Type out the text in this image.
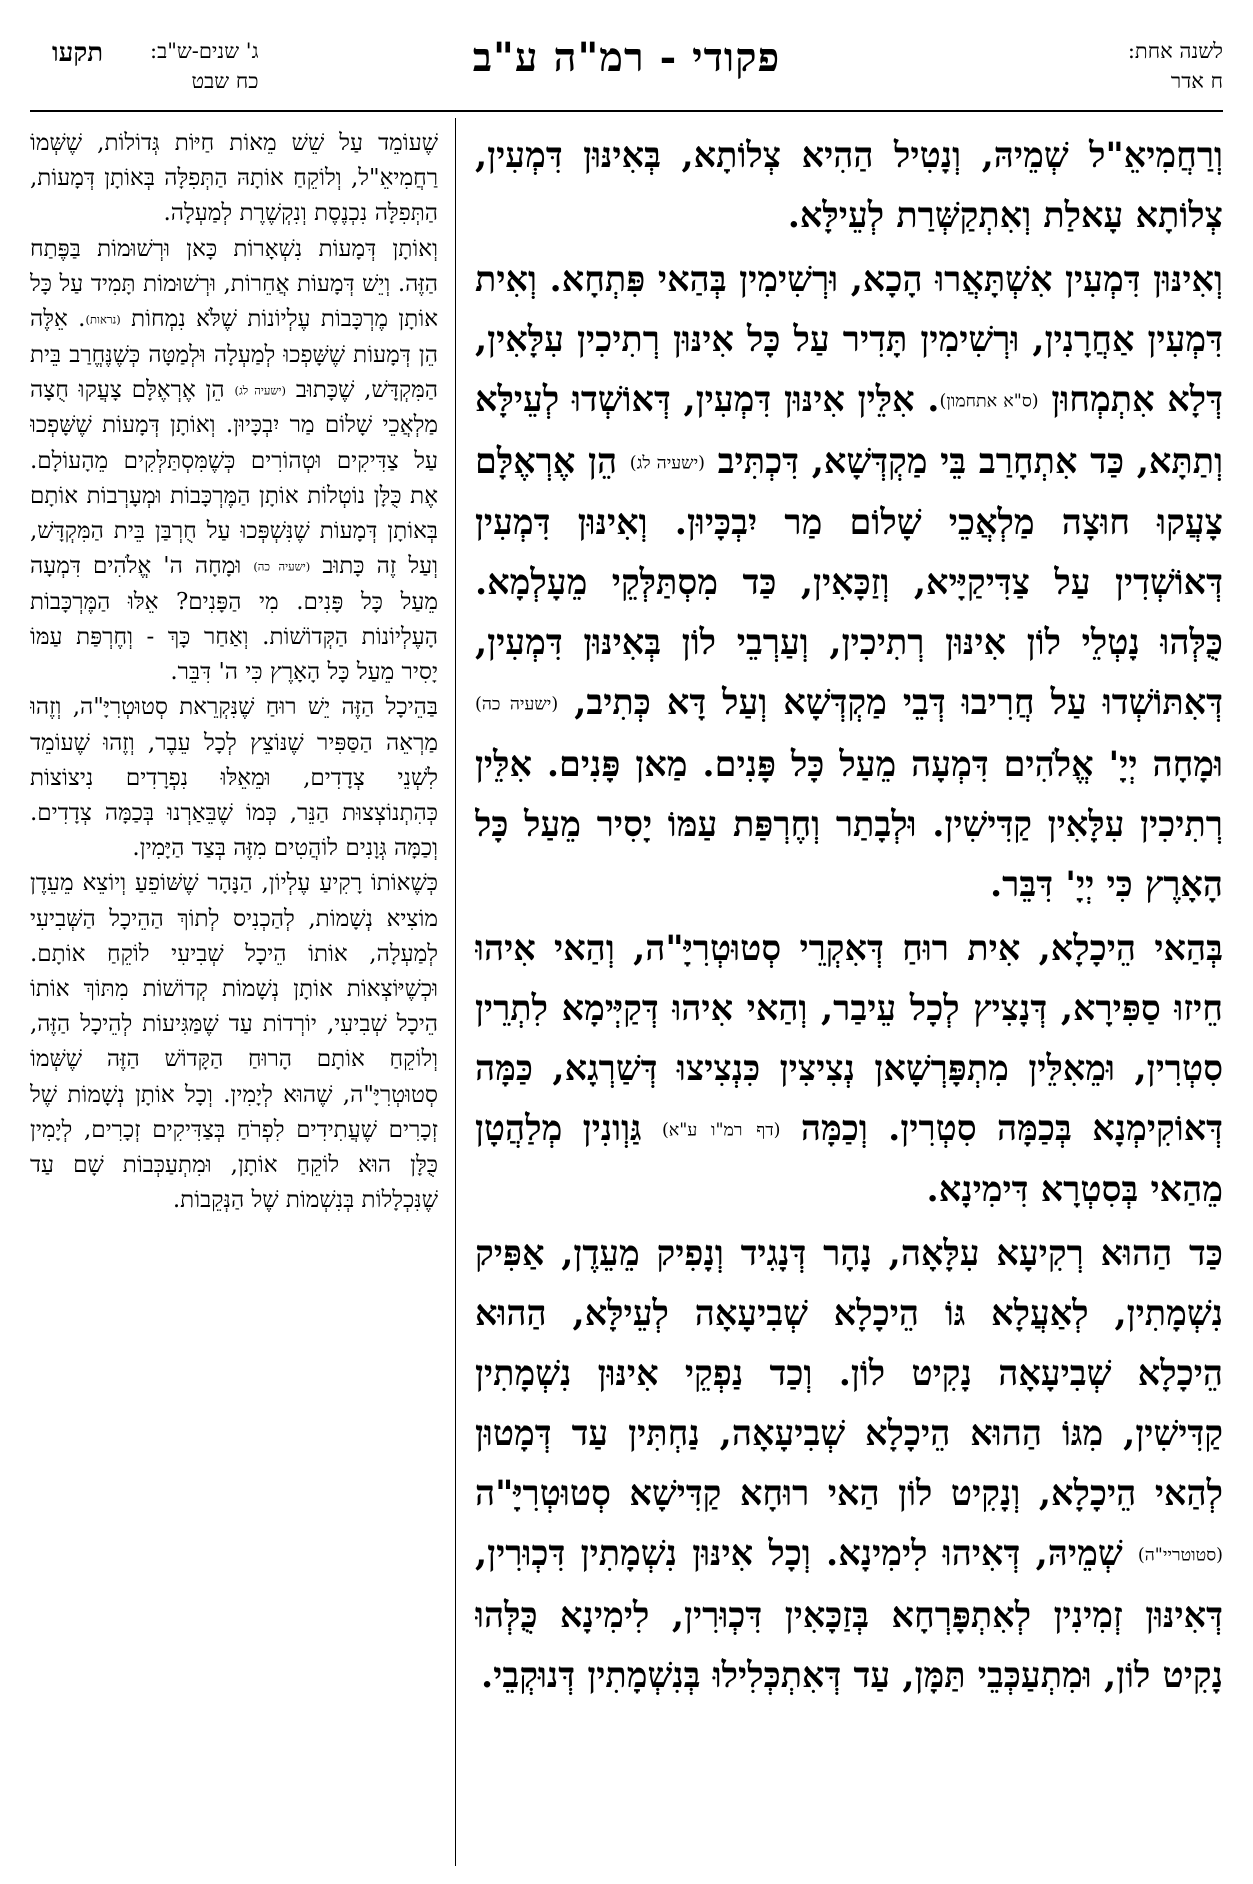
לשנה אחת:
ח אדר
פקודי - רמ"ה ע"ב
ג' שנים-ש"ב:
כח שבט
תקעו

וְרַחֲמִיאֵ"ל שְׁמֵיהּ, וְנָטִיל הַהִיא צְלוֹתָא, בְּאִינּוּן דִּמְעִין, צְלוֹתָא עָאלַת וְאִתְקַשְּׁרַת לְעֵילָּא.

וְאִינּוּן דִּמְעִין אִשְׁתָּאֲרוּ הָכָא, וּרְשִׁימִין בְּהַאי פִּתְחָא. וְאִית דִּמְעִין אַחֲרָנִין, וּרְשִׁימִין תָּדִיר עַל כָּל אִינּוּן רְתִיכִין עִלָּאִין, דְּלָא אִתְמְחוּן (ס"א אתחמון). אִלֵּין אִינּוּן דִּמְעִין, דְּאוֹשְׁדוּ לְעֵילָּא וְתַתָּא, כַּד אִתְחָרַב בֵּי מַקְדְּשָׁא, דִּכְתִּיב (ישעיה לג) הֵן אֶרְאֶלָּם צָעֲקוּ חוּצָה מַלְאֲכֵי שָׁלוֹם מַר יִבְכָּיוּן. וְאִינּוּן דִּמְעִין דְּאוֹשְׁדִין עַל צַדִּיקַיָּיא, וְזַכָּאִין, כַּד מִסְתַּלְּקֵי מֵעָלְמָא. כֻּלְּהוּ נָטְלֵי לוֹן אִינּוּן רְתִיכִין, וְעַרְבֵי לוֹן בְּאִינּוּן דִּמְעִין, דְּאִתּוֹשְׁדוּ עַל חֲרִיבוּ דְּבֵי מַקְדְּשָׁא וְעַל דָּא כְּתִיב, (ישעיה כה) וּמָחָה יְיָ' אֱלֹהִים דִּמְעָה מֵעַל כָּל פָּנִים. מַאן פָּנִים. אִלֵּין רְתִיכִין עִלָּאִין קַדִּישִׁין. וּלְבָתַר וְחֶרְפַּת עַמּוֹ יָסִיר מֵעַל כָּל הָאָרֶץ כִּי יְיָ' דִּבֵּר.

בְּהַאי הֵיכָלָא, אִית רוּחַ דְּאִקְרֵי סְטוּטְרִיָּ"ה, וְהַאי אִיהוּ חֵיזוּ סַפִּירָא, דְּנָצִיץ לְכָל עֵיבַר, וְהַאי אִיהוּ דְּקַיְּימָא לִתְרֵין סִטְרִין, וּמֵאִלֵּין מִתְפָּרְשָׁאן נְצִיצִין כִּנְצִיצוּ דְּשַׁרְגָא, כַּמָּה דְּאוֹקִימְנָא בְּכַמָּה סִטְרִין. וְכַמָּה (דף רמ"ו ע"א) גַּוְונִין מְלַהֲטָן מֵהַאי בְּסִטְרָא דִּימִינָא.

כַּד הַהוּא רְקִיעָא עִלָּאָה, נָהָר דְּנָגִיד וְנָפִיק מֵעֵדֶן, אַפִּיק נִשְׁמָתִין, לְאַעֲלָא גּוֹ הֵיכָלָא שְׁבִיעָאָה לְעֵילָּא, הַהוּא הֵיכָלָא שְׁבִיעָאָה נָקִיט לוֹן. וְכַד נַפְקֵי אִינּוּן נִשְׁמָתִין קַדִּישִׁין, מִגּוֹ הַהוּא הֵיכָלָא שְׁבִיעָאָה, נַחְתִּין עַד דְּמָטוּן לְהַאי הֵיכָלָא, וְנָקִיט לוֹן הַאי רוּחָא קַדִּישָׁא סְטוּטְרִיָּ"ה (סטוטריי"ה) שְׁמֵיהּ, דְּאִיהוּ לִימִינָא. וְכָל אִינּוּן נִשְׁמָתִין דִּכְוּרִין, דְּאִינּוּן זְמִינִין לְאִתְפָּרְחָא בְּזַכָּאִין דִּכְוּרִין, לִימִינָא כֻּלְּהוּ נָקִיט לוֹן, וּמִתְעַכְּבֵי תַּמָּן, עַד דְּאִתְכְּלִילוּ בְּנִשְׁמָתִין דְּנוּקְבֵי.

שֶׁעוֹמֵד עַל שֵׁשׁ מֵאוֹת חַיּוֹת גְּדוֹלוֹת, שֶׁשְּׁמוֹ רַחֲמִיאֵ"ל, וְלוֹקֵחַ אוֹתָהּ הַתְּפִלָּה בְּאוֹתָן דְּמָעוֹת, הַתְּפִלָּה נִכְנֶסֶת וְנִקְשֶׁרֶת לְמַעְלָה.

וְאוֹתָן דְּמָעוֹת נִשְׁאָרוֹת כָּאן וּרְשׁוּמוֹת בַּפֶּתַח הַזֶּה. וְיֵשׁ דְּמָעוֹת אֲחֵרוֹת, וּרְשׁוּמוֹת תָּמִיד עַל כָּל אוֹתָן מֶרְכָּבוֹת עֶלְיוֹנוֹת שֶׁלֹּא נִמְחוֹת (נראות). אֵלֶּה הֵן דְּמָעוֹת שֶׁשָּׁפְכוּ לְמַעְלָה וּלְמַטָּה כְּשֶׁנֶּחֱרַב בֵּית הַמִּקְדָּשׁ, שֶׁכָּתוּב (ישעיה לג) הֵן אֶרְאֶלָּם צָעֲקוּ חֻצָה מַלְאֲכֵי שָׁלוֹם מַר יִבְכָּיוּן. וְאוֹתָן דְּמָעוֹת שֶׁשָּׁפְכוּ עַל צַדִּיקִים וּטְהוֹרִים כְּשֶׁמִּסְתַּלְּקִים מֵהָעוֹלָם. אֶת כֻּלָּן נוֹטְלוֹת אוֹתָן הַמֶּרְכָּבוֹת וּמְעָרְבוֹת אוֹתָם בְּאוֹתָן דְּמָעוֹת שֶׁנִּשְׁפְּכוּ עַל חֻרְבַּן בֵּית הַמִּקְדָּשׁ, וְעַל זֶה כָּתוּב (ישעיה כה) וּמָחָה ה' אֱלֹהִים דִּמְעָה מֵעַל כָּל פָּנִים. מִי הַפָּנִים? אֵלּוּ הַמֶּרְכָּבוֹת הָעֶלְיוֹנוֹת הַקְּדוֹשׁוֹת. וְאַחַר כָּךְ - וְחֶרְפַּת עַמּוֹ יָסִיר מֵעַל כָּל הָאָרֶץ כִּי ה' דִּבֵּר.

בַּהֵיכָל הַזֶּה יֵשׁ רוּחַ שֶׁנִּקְרֵאת סְטוּטְרִיָּ"ה, וְזֶהוּ מַרְאֵה הַסַּפִּיר שֶׁנּוֹצֵץ לְכָל עֵבֶר, וְזֶהוּ שֶׁעוֹמֵד לִשְׁנֵי צְדָדִים, וּמֵאֵלּוּ נִפְרָדִים נִיצוֹצוֹת כְּהִתְנוֹצְצוּת הַנֵּר, כְּמוֹ שֶׁבֵּאַרְנוּ בְּכַמָּה צְדָדִים. וְכַמָּה גְּוָנִים לוֹהֲטִים מִזֶּה בְּצַד הַיָּמִין.

כְּשֶׁאוֹתוֹ רָקִיעַ עֶלְיוֹן, הַנָּהָר שֶׁשּׁוֹפֵעַ וְיוֹצֵא מֵעֵדֶן מוֹצִיא נְשָׁמוֹת, לְהַכְנִיס לְתוֹךְ הַהֵיכָל הַשְּׁבִיעִי לְמַעְלָה, אוֹתוֹ הֵיכָל שְׁבִיעִי לוֹקֵחַ אוֹתָם. וּכְשֶׁיּוֹצְאוֹת אוֹתָן נְשָׁמוֹת קְדוֹשׁוֹת מִתּוֹךְ אוֹתוֹ הֵיכָל שְׁבִיעִי, יוֹרְדוֹת עַד שֶׁמַּגִּיעוֹת לְהֵיכָל הַזֶּה, וְלוֹקֵחַ אוֹתָם הָרוּחַ הַקָּדוֹשׁ הַזֶּה שֶׁשְּׁמוֹ סְטוּטְרִיָּ"ה, שֶׁהוּא לְיָמִין. וְכָל אוֹתָן נְשָׁמוֹת שֶׁל זְכָרִים שֶׁעֲתִידִים לִפְרֹחַ בְּצַדִּיקִים זְכָרִים, לְיָמִין כֻּלָּן הוּא לוֹקֵחַ אוֹתָן, וּמִתְעַכְּבוֹת שָׁם עַד שֶׁנִּכְלָלוֹת בְּנִשְׁמוֹת שֶׁל הַנְּקֵבוֹת.
